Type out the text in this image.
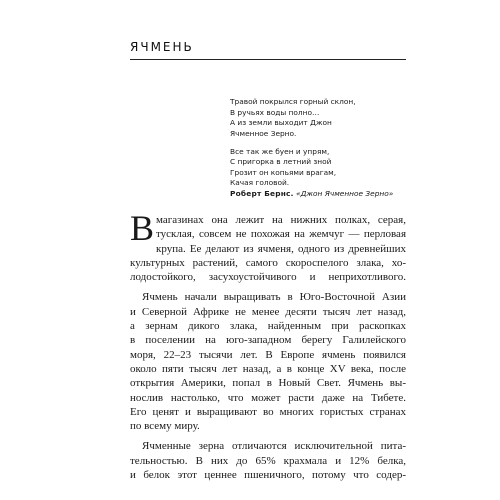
ЯЧМЕНЬ
Травой покрылся горный склон,
В ручьях воды полно…
А из земли выходит Джон
Ячменное Зерно.
Все так же буен и упрям,
С пригорка в летний зной
Грозит он копьями врагам,
Качая головой.
Роберт Бернс. «Джон Ячменное Зерно»
В магазинах она лежит на нижних полках, серая,

тусклая, совсем не похожая на жемчуг — перловая

крупа. Ее делают из ячменя, одного из древнейших

культурных растений, самого скороспелого злака, хо-

лодостойкого, засухоустойчивого и неприхотливого.

Ячмень начали выращивать в Юго-Восточной Азии

и Северной Африке не менее десяти тысяч лет назад,

а зернам дикого злака, найденным при раскопках

в поселении на юго-западном берегу Галилейского

моря, 22–23 тысячи лет. В Европе ячмень появился

около пяти тысяч лет назад, а в конце XV века, после

открытия Америки, попал в Новый Свет. Ячмень вы-

нослив настолько, что может расти даже на Тибете.

Его ценят и выращивают во многих гористых странах

по всему миру.

Ячменные зерна отличаются исключительной пита-

тельностью. В них до 65% крахмала и 12% белка,

и белок этот ценнее пшеничного, потому что содер-
